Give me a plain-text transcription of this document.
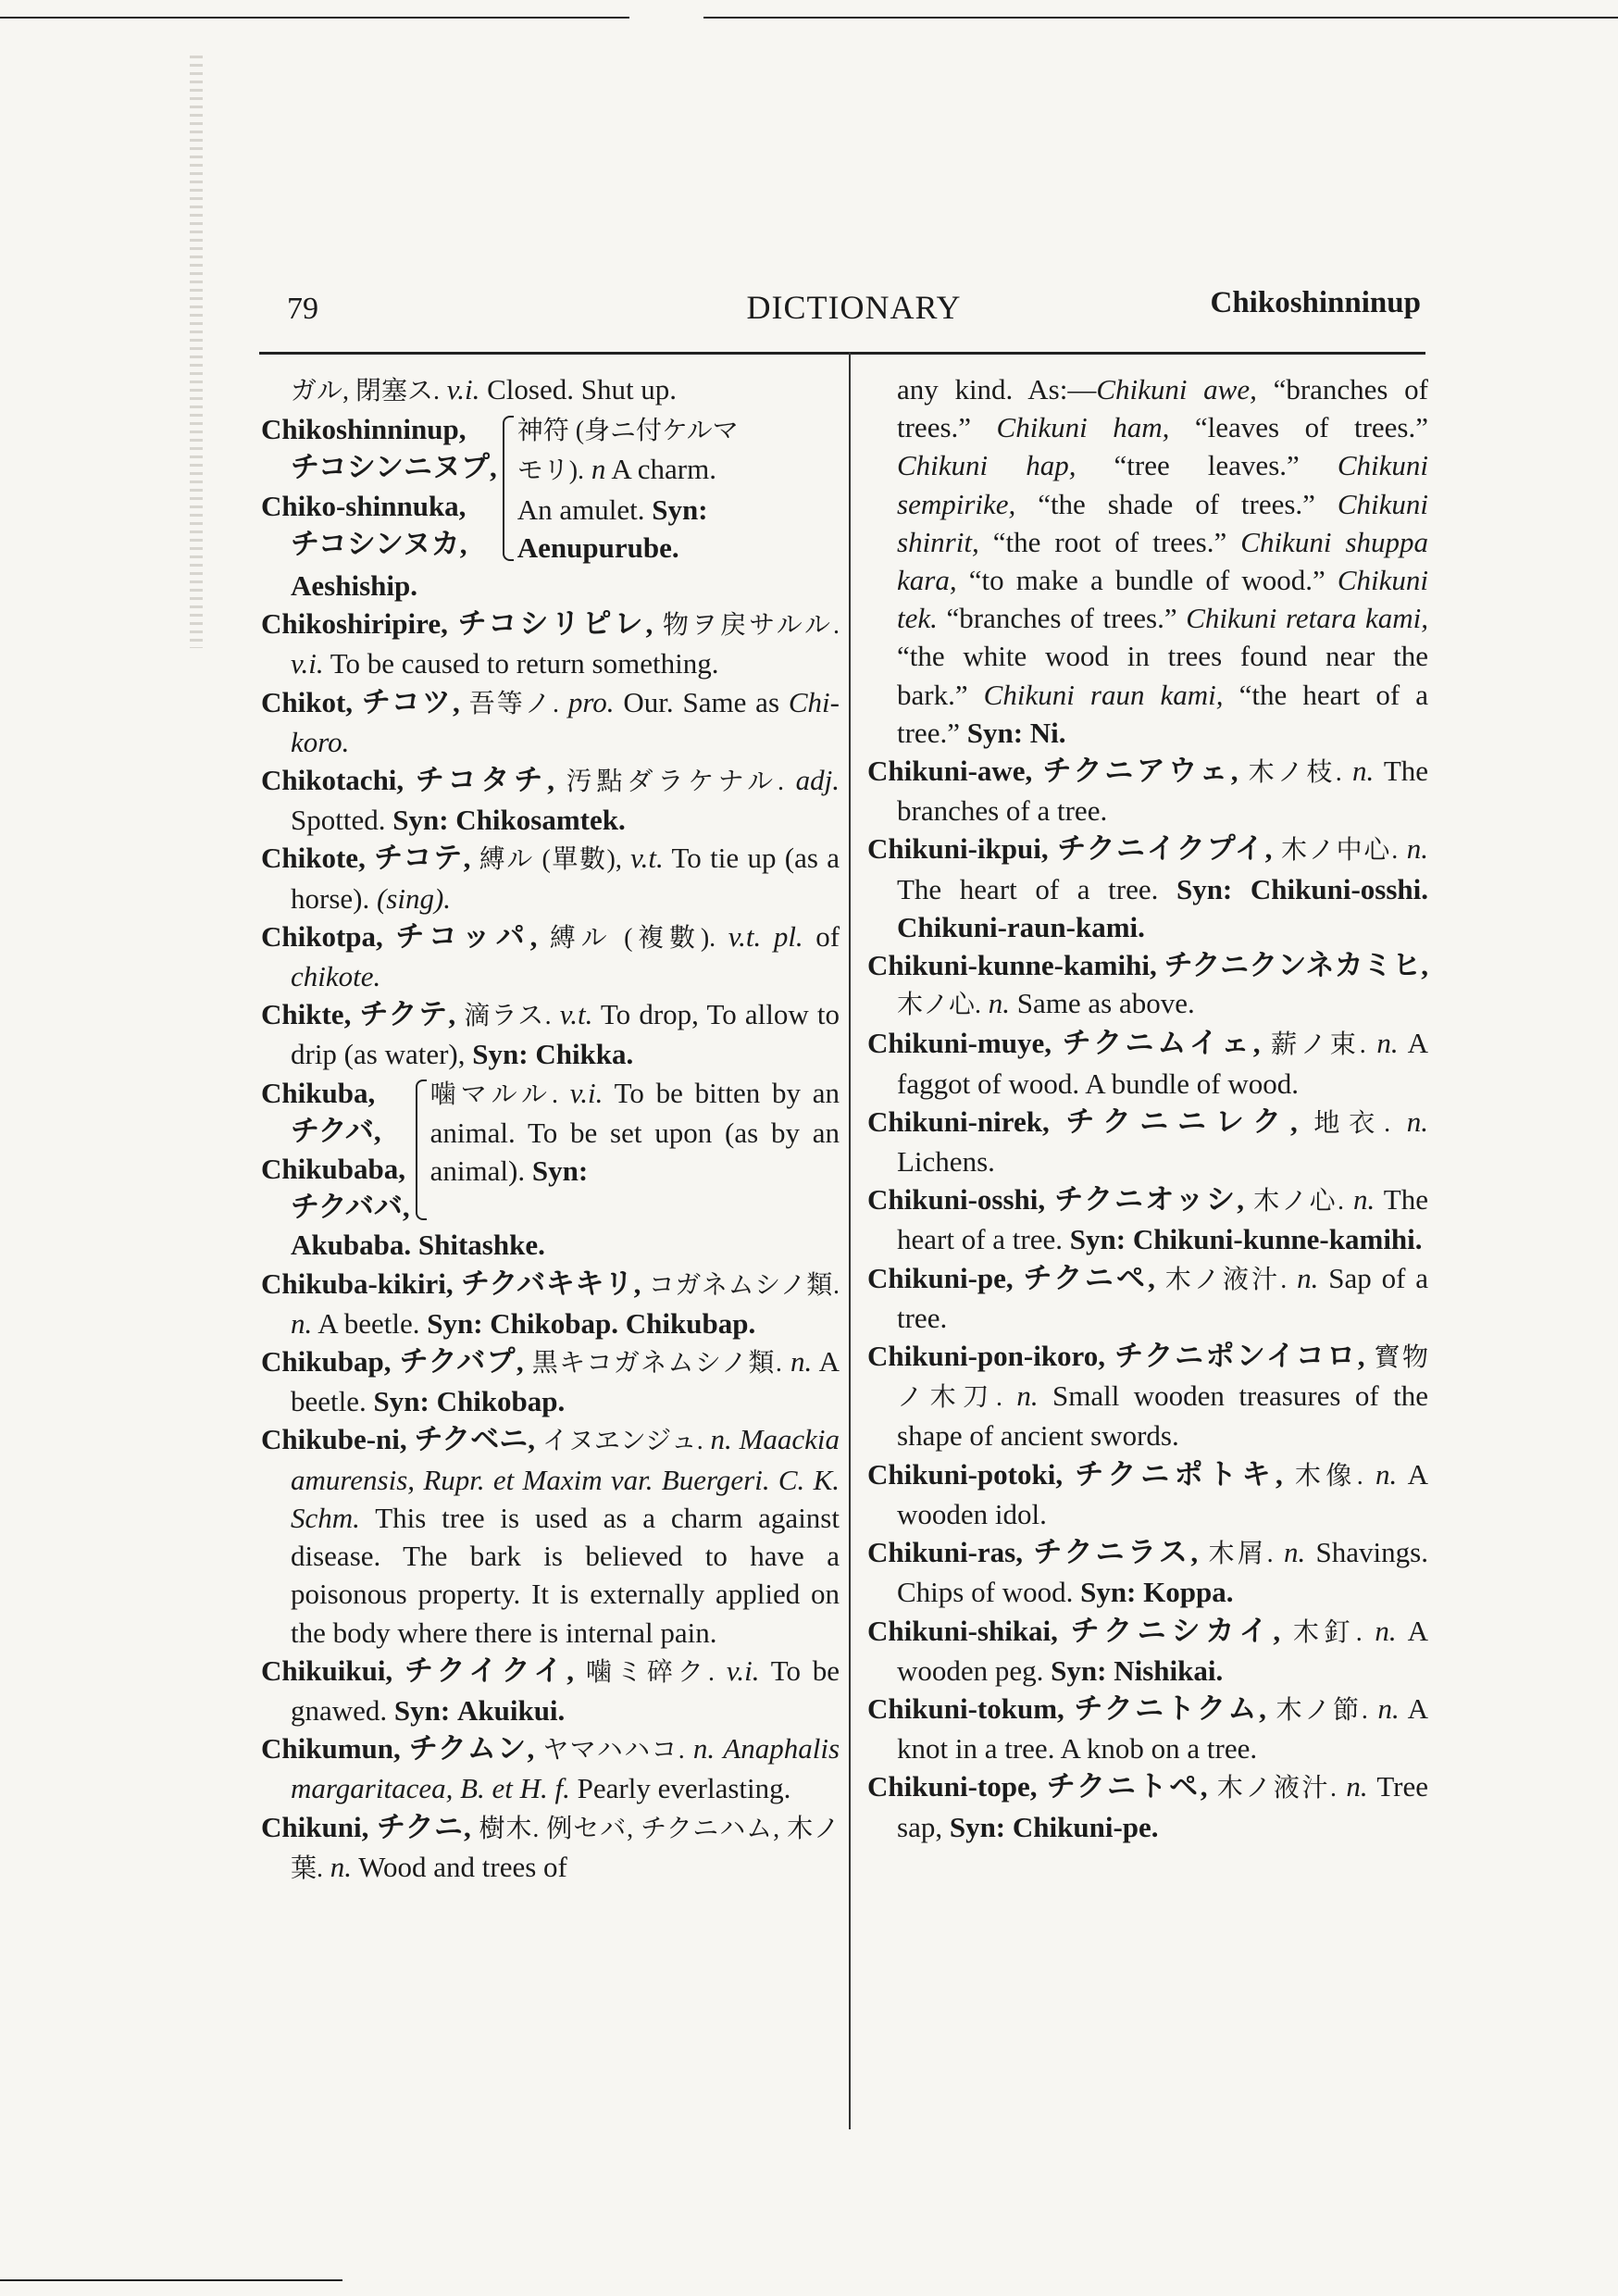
79	DICTIONARY	Chikoshinninup

ガル, 閉塞ス. v.i. Closed. Shut up.

Chikoshinninup,
チコシンニヌプ,
Chiko-shinnuka,
チコシンヌカ,
神符 (身ニ付ケルマ
モリ). n A charm.
An amulet. Syn:
Aenupurube.

Aeshiship.

Chikoshiripire, チコシリピレ, 物ヲ戻サルル. v.i. To be caused to return something.

Chikot, チコツ, 吾等ノ. pro. Our. Same as Chi-koro.

Chikotachi, チコタチ, 汚點ダラケナル. adj. Spotted. Syn: Chikosamtek.

Chikote, チコテ, 縛ル (單數), v.t. To tie up (as a horse). (sing).

Chikotpa, チコッパ, 縛ル (複數). v.t. pl. of chikote.

Chikte, チクテ, 滴ラス. v.t. To drop, To allow to drip (as water), Syn: Chikka.

Chikuba,
チクバ,
Chikubaba,
チクババ,
噛マルル. v.i. To be bitten by an animal. To be set upon (as by an animal). Syn:

Akubaba. Shitashke.

Chikuba-kikiri, チクバキキリ, コガネムシノ類. n. A beetle. Syn: Chikobap. Chikubap.

Chikubap, チクバプ, 黒キコガネムシノ類. n. A beetle. Syn: Chikobap.

Chikube-ni, チクベニ, イヌヱンジュ. n. Maackia amurensis, Rupr. et Maxim var. Buergeri. C. K. Schm. This tree is used as a charm against disease. The bark is believed to have a poisonous property. It is externally applied on the body where there is internal pain.

Chikuikui, チクイクイ, 噛ミ碎ク. v.i. To be gnawed. Syn: Akuikui.

Chikumun, チクムン, ヤマハハコ. n. Anaphalis margaritacea, B. et H. f. Pearly everlasting.

Chikuni, チクニ, 樹木. 例セバ, チクニハム, 木ノ葉. n. Wood and trees of

any kind. As:—Chikuni awe, “branches of trees.” Chikuni ham, “leaves of trees.” Chikuni hap, “tree leaves.” Chikuni sempirike, “the shade of trees.” Chikuni shinrit, “the root of trees.” Chikuni shuppa kara, “to make a bundle of wood.” Chikuni tek. “branches of trees.” Chikuni retara kami, “the white wood in trees found near the bark.” Chikuni raun kami, “the heart of a tree.” Syn: Ni.

Chikuni-awe, チクニアウェ, 木ノ枝. n. The branches of a tree.

Chikuni-ikpui, チクニイクプイ, 木ノ中心. n. The heart of a tree. Syn: Chikuni-osshi. Chikuni-raun-kami.

Chikuni-kunne-kamihi, チクニクンネカミヒ, 木ノ心. n. Same as above.

Chikuni-muye, チクニムイェ, 薪ノ束. n. A faggot of wood. A bundle of wood.

Chikuni-nirek, チクニニレク, 地衣. n. Lichens.

Chikuni-osshi, チクニオッシ, 木ノ心. n. The heart of a tree. Syn: Chikuni-kunne-kamihi.

Chikuni-pe, チクニペ, 木ノ液汁. n. Sap of a tree.

Chikuni-pon-ikoro, チクニポンイコロ, 寳物ノ木刀. n. Small wooden treasures of the shape of ancient swords.

Chikuni-potoki, チクニポトキ, 木像. n. A wooden idol.

Chikuni-ras, チクニラス, 木屑. n. Shavings. Chips of wood. Syn: Koppa.

Chikuni-shikai, チクニシカイ, 木釘. n. A wooden peg. Syn: Nishikai.

Chikuni-tokum, チクニトクム, 木ノ節. n. A knot in a tree. A knob on a tree.

Chikuni-tope, チクニトペ, 木ノ液汁. n. Tree sap, Syn: Chikuni-pe.
